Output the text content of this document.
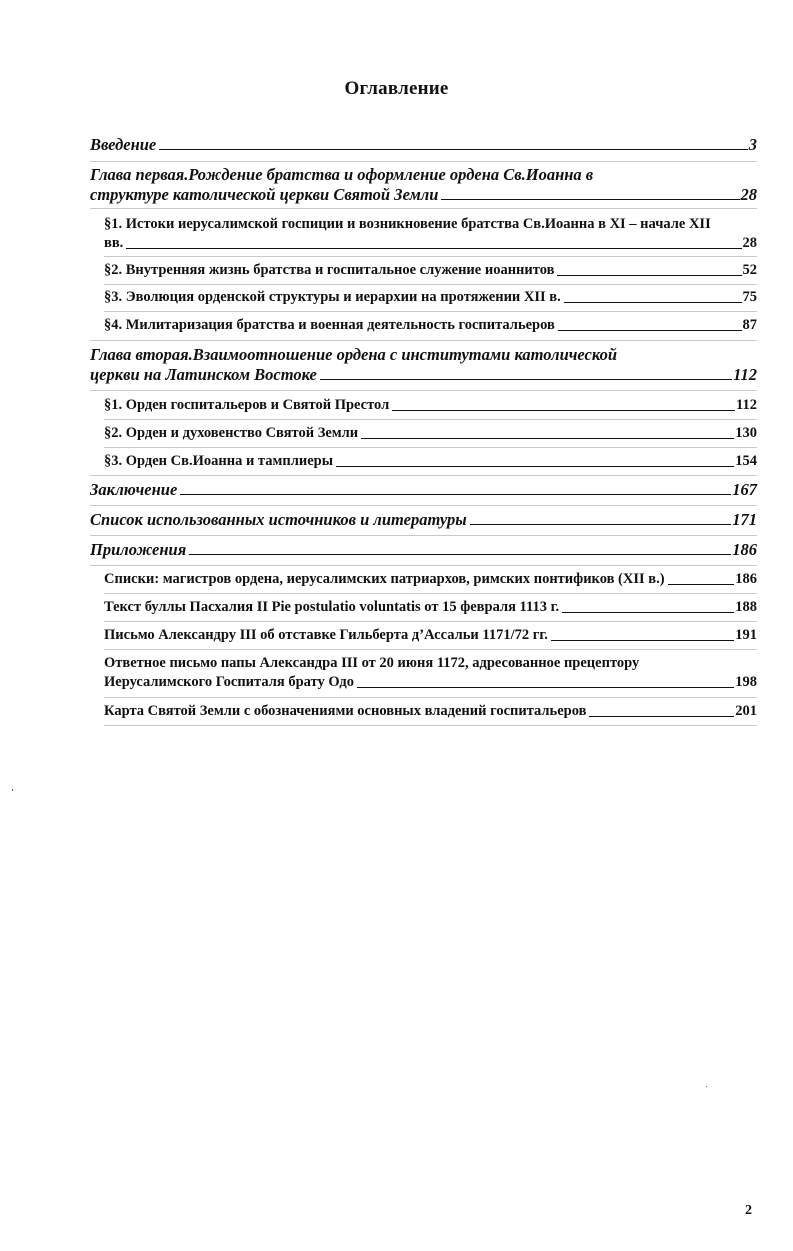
Оглавление
Введение	3
Глава первая.Рождение братства и оформление ордена Св.Иоанна в
структуре католической церкви Святой Земли	28
§1. Истоки иерусалимской госпиции и возникновение братства Св.Иоанна в XI – начале XII
вв.	28
§2. Внутренняя жизнь братства и госпитальное служение иоаннитов	52
§3. Эволюция орденской структуры и иерархии на протяжении XII в.	75
§4. Милитаризация братства и военная деятельность госпитальеров	87
Глава вторая.Взаимоотношение ордена с институтами католической
церкви на Латинском Востоке	112
§1. Орден госпитальеров и Святой Престол	112
§2. Орден и духовенство Святой Земли	130
§3. Орден Св.Иоанна и тамплиеры	154
Заключение	167
Список использованных источников и литературы	171
Приложения	186
Списки: магистров ордена, иерусалимских патриархов, римских понтификов (XII в.)	186
Текст буллы Пасхалия II Pie postulatio voluntatis от 15 февраля 1113 г.	188
Письмо Александру III об отставке Гильберта д’Ассальи 1171/72 гг.	191
Ответное письмо папы Александра III от 20 июня 1172, адресованное прецептору
Иерусалимского Госпиталя брату Одо	198
Карта Святой Земли с обозначениями основных владений госпитальеров	201
2
